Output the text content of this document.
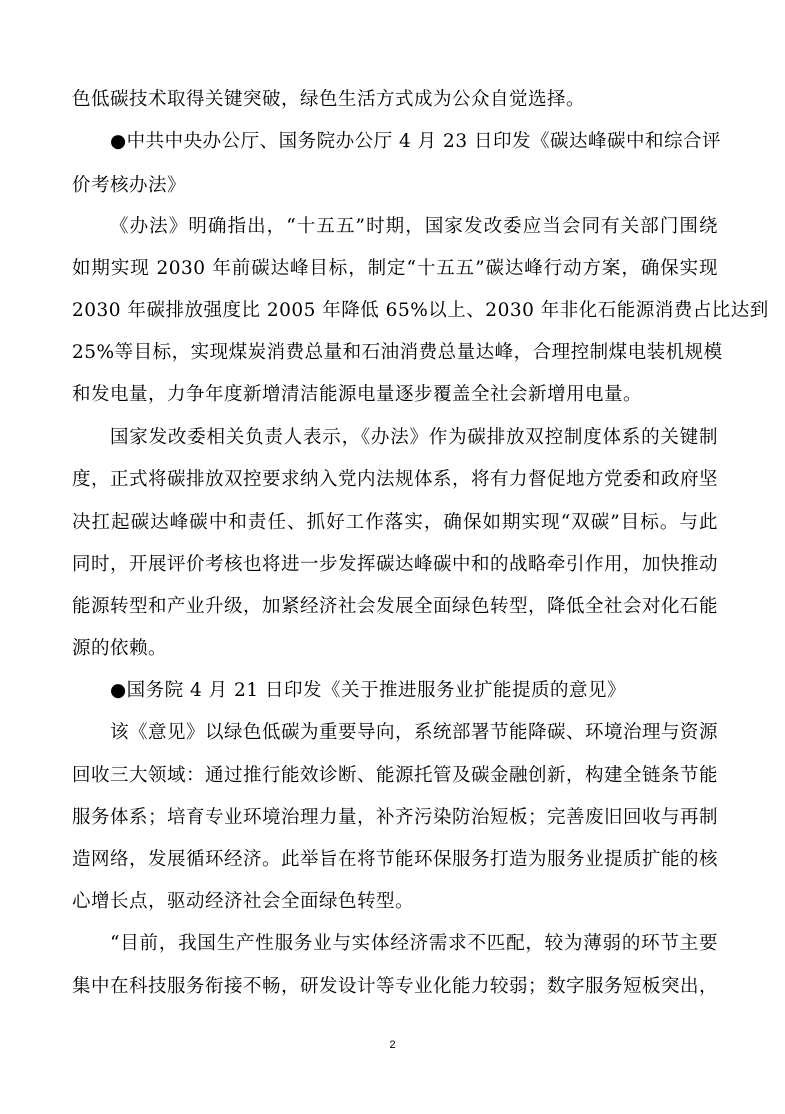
色低碳技术取得关键突破，绿色生活方式成为公众自觉选择。
●中共中央办公厅、国务院办公厅 4 月 23 日印发《碳达峰碳中和综合评
价考核办法》
《办法》明确指出，“十五五”时期，国家发改委应当会同有关部门围绕
如期实现 2030 年前碳达峰目标，制定“十五五”碳达峰行动方案，确保实现
2030 年碳排放强度比 2005 年降低 65%以上、2030 年非化石能源消费占比达到
25%等目标，实现煤炭消费总量和石油消费总量达峰，合理控制煤电装机规模
和发电量，力争年度新增清洁能源电量逐步覆盖全社会新增用电量。
国家发改委相关负责人表示，《办法》作为碳排放双控制度体系的关键制
度，正式将碳排放双控要求纳入党内法规体系，将有力督促地方党委和政府坚
决扛起碳达峰碳中和责任、抓好工作落实，确保如期实现“双碳”目标。与此
同时，开展评价考核也将进一步发挥碳达峰碳中和的战略牵引作用，加快推动
能源转型和产业升级，加紧经济社会发展全面绿色转型，降低全社会对化石能
源的依赖。
●国务院 4 月 21 日印发《关于推进服务业扩能提质的意见》
该《意见》以绿色低碳为重要导向，系统部署节能降碳、环境治理与资源
回收三大领域：通过推行能效诊断、能源托管及碳金融创新，构建全链条节能
服务体系；培育专业环境治理力量，补齐污染防治短板；完善废旧回收与再制
造网络，发展循环经济。此举旨在将节能环保服务打造为服务业提质扩能的核
心增长点，驱动经济社会全面绿色转型。
“目前，我国生产性服务业与实体经济需求不匹配，较为薄弱的环节主要
集中在科技服务衔接不畅，研发设计等专业化能力较弱；数字服务短板突出，
2
